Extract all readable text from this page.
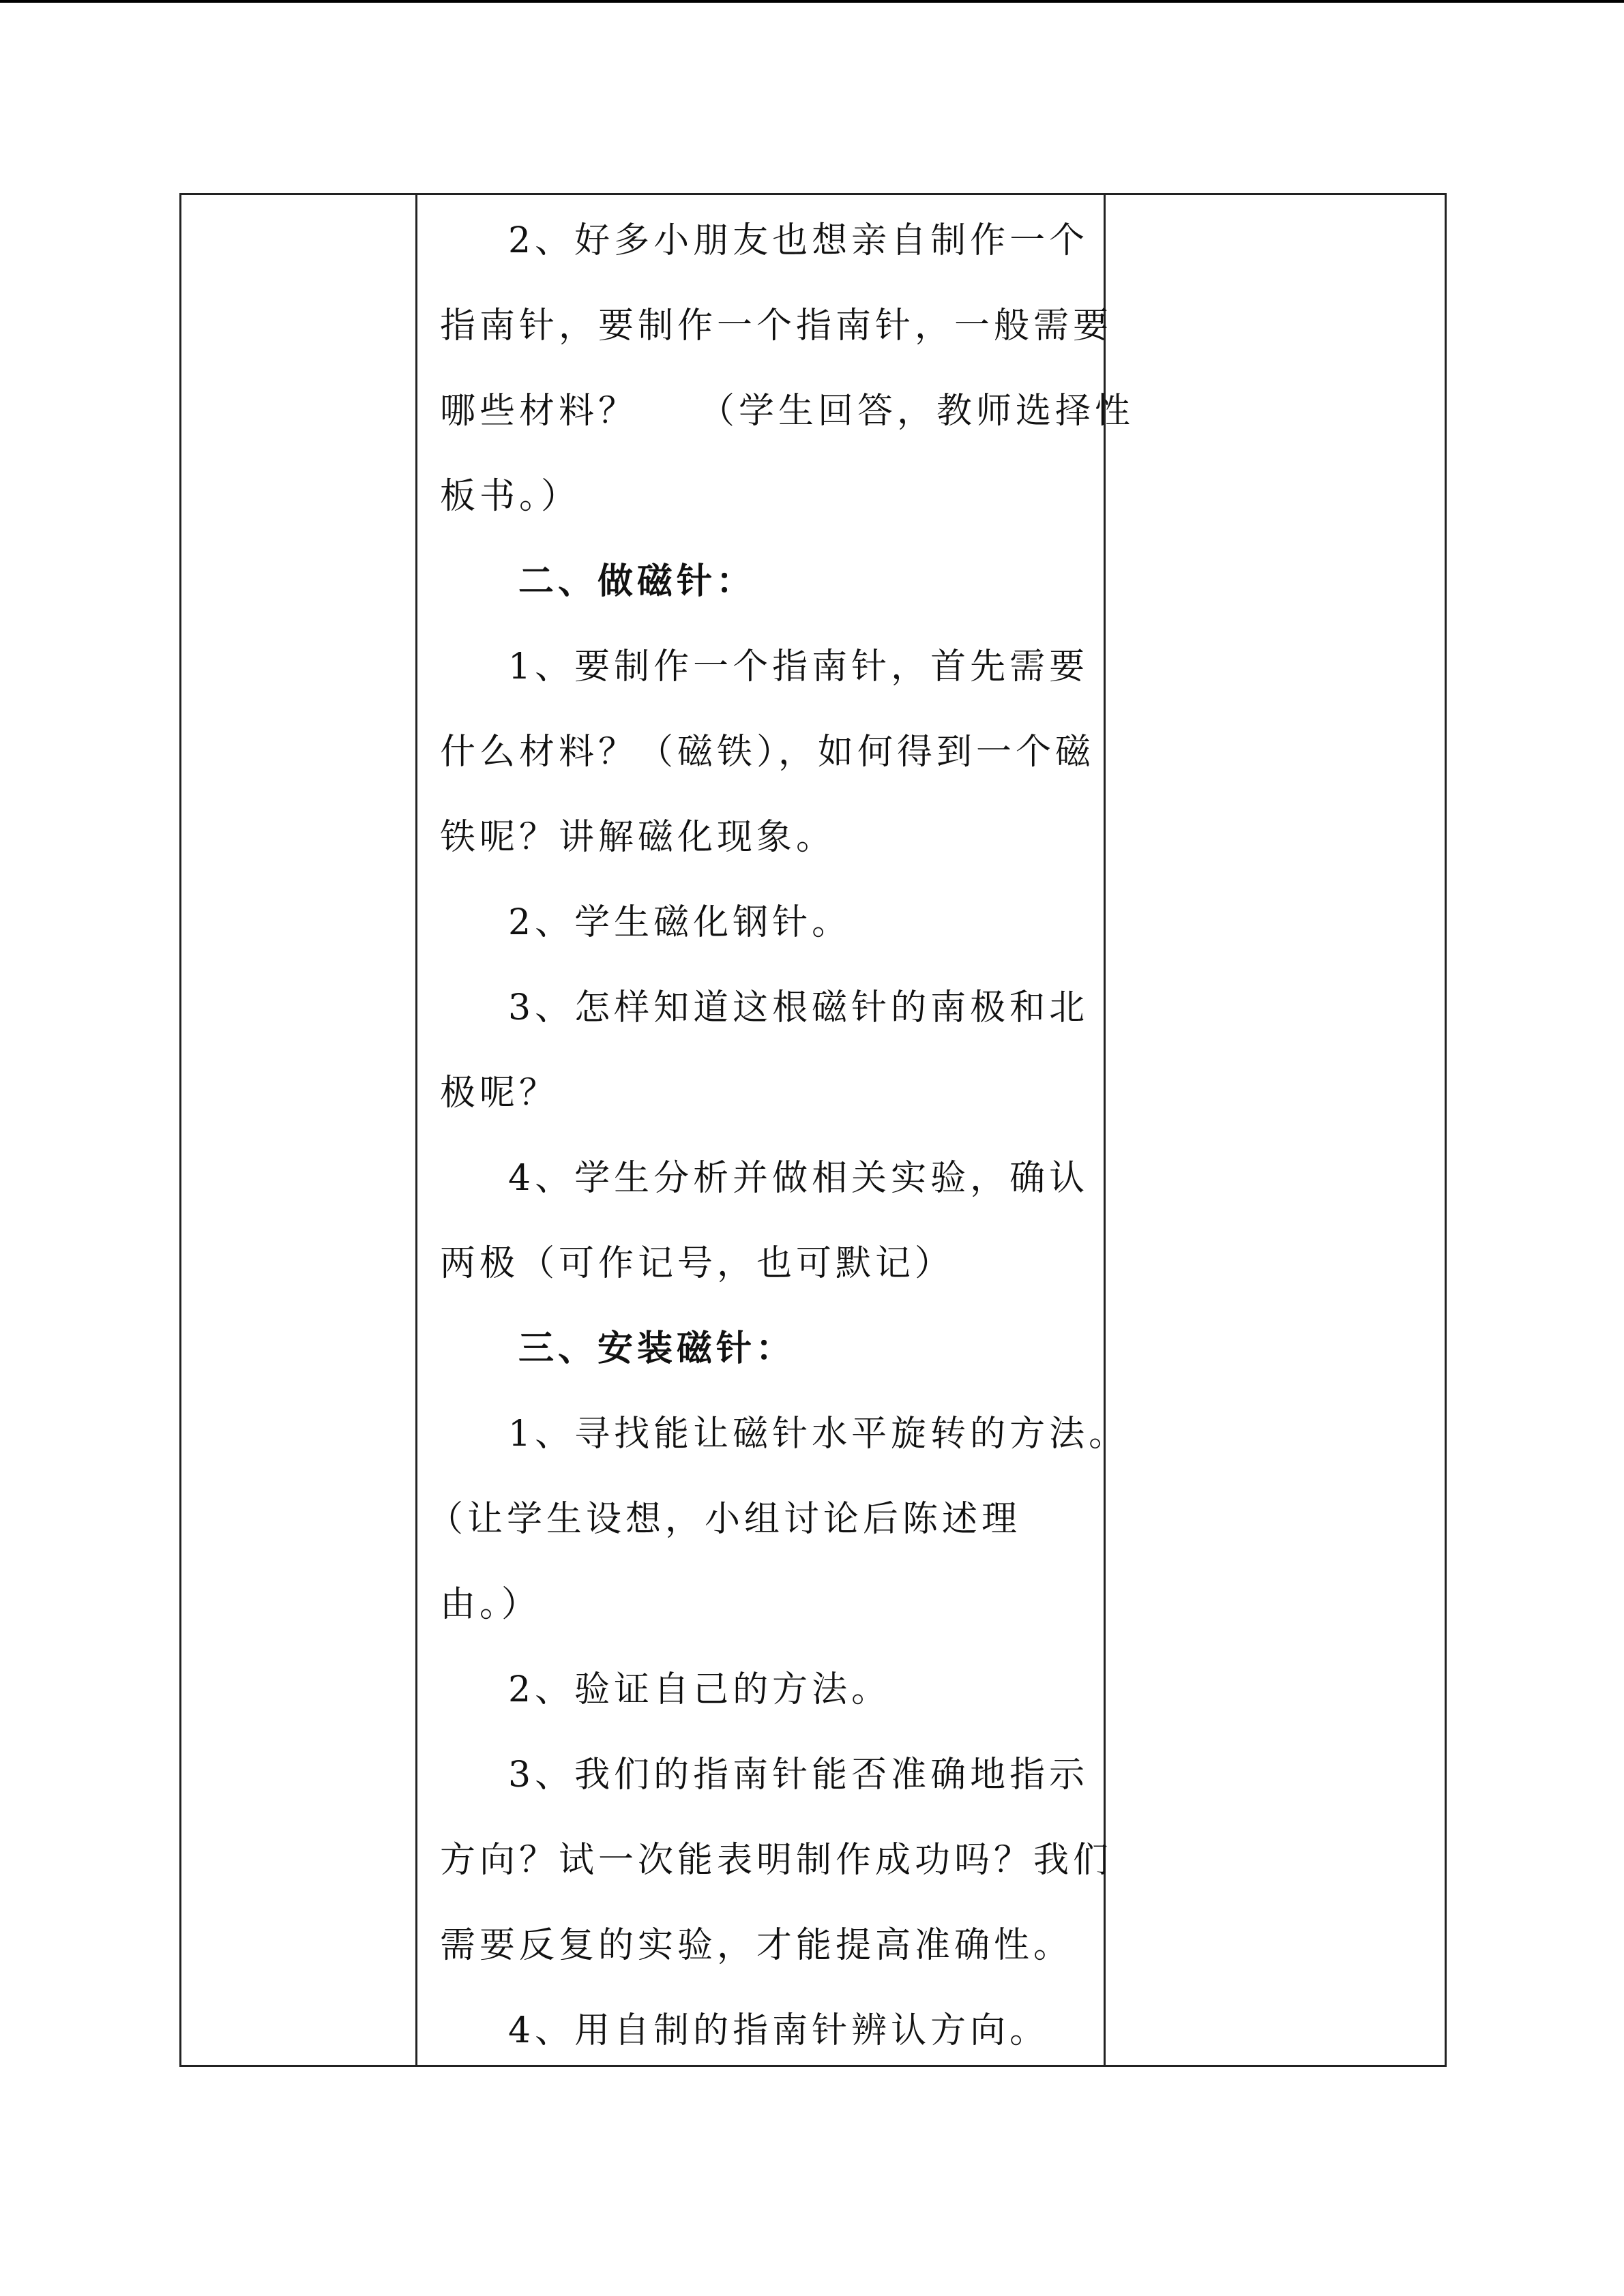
2、好多小朋友也想亲自制作一个
指南针，要制作一个指南针，一般需要
哪些材料？　　（学生回答，教师选择性
板书。）
二、做磁针：
1、要制作一个指南针，首先需要
什么材料？（磁铁），如何得到一个磁
铁呢？讲解磁化现象。
2、学生磁化钢针。
3、怎样知道这根磁针的南极和北
极呢？
4、学生分析并做相关实验，确认
两极（可作记号，也可默记）
三、安装磁针：
1、寻找能让磁针水平旋转的方法。
（让学生设想，小组讨论后陈述理
由。）
2、验证自己的方法。
3、我们的指南针能否准确地指示
方向？试一次能表明制作成功吗？我们
需要反复的实验，才能提高准确性。
4、用自制的指南针辨认方向。
